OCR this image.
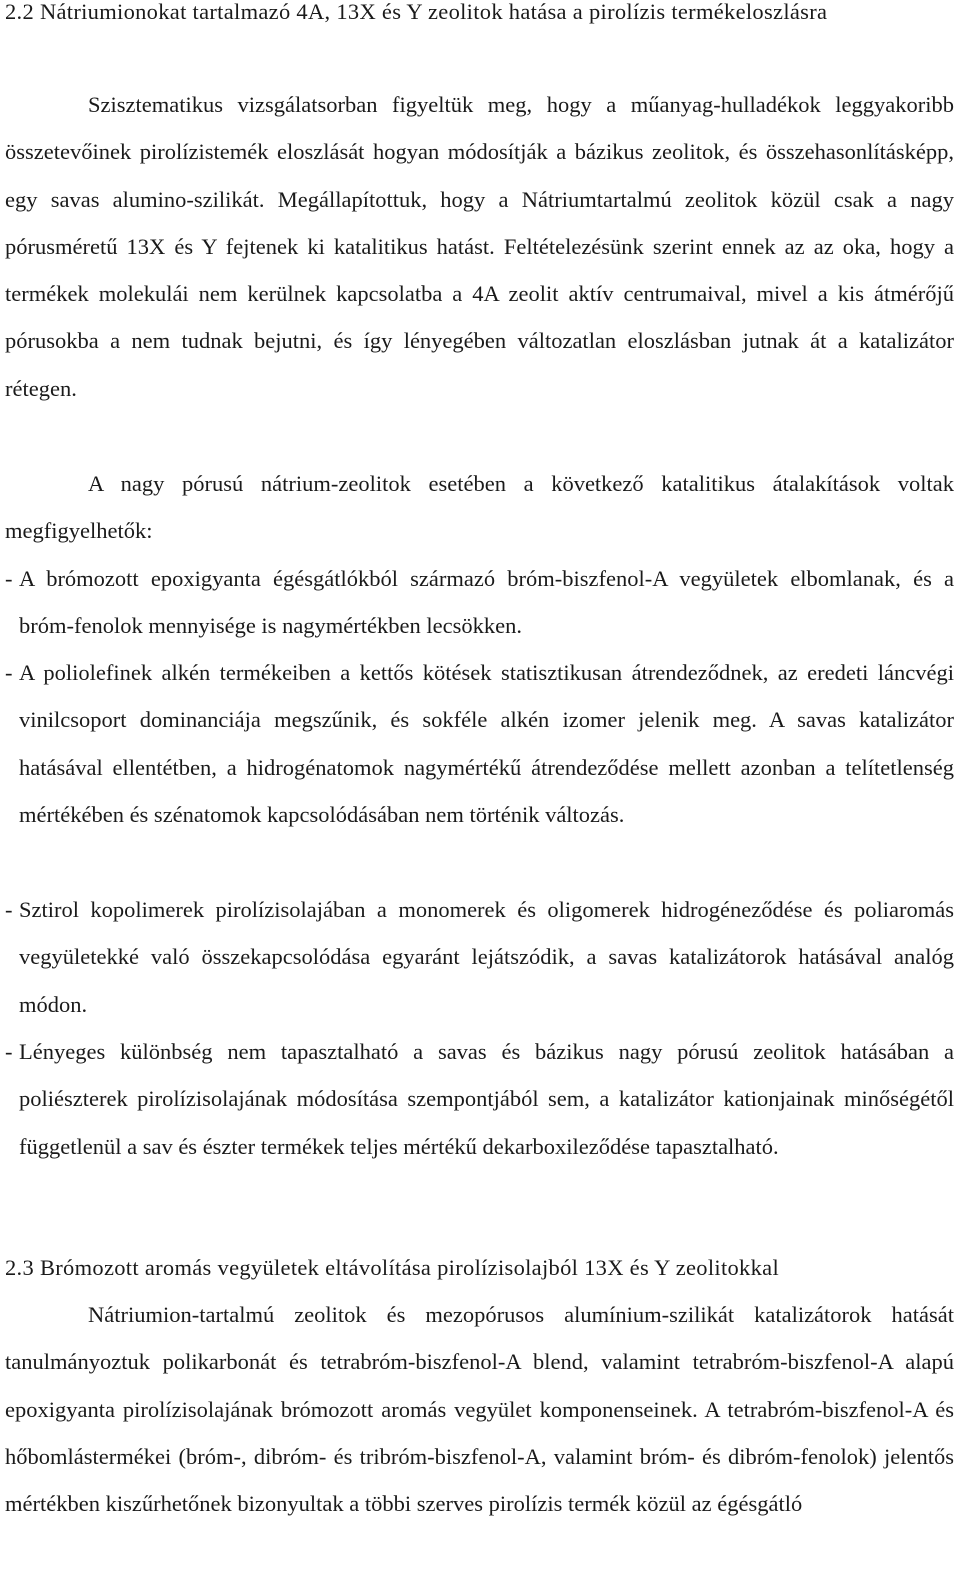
2.2 Nátriumionokat tartalmazó 4A, 13X és Y zeolitok hatása a pirolízis termékeloszlásra
Szisztematikus vizsgálatsorban figyeltük meg, hogy a műanyag-hulladékok leggyakoribb összetevőinek pirolízistemék eloszlását hogyan módosítják a bázikus zeolitok, és összehasonlításképp, egy savas alumino-szilikát. Megállapítottuk, hogy a Nátriumtartalmú zeolitok közül csak a nagy pórusméretű 13X és Y fejtenek ki katalitikus hatást. Feltételezésünk szerint ennek az az oka, hogy a termékek molekulái nem kerülnek kapcsolatba a 4A zeolit aktív centrumaival, mivel a kis átmérőjű pórusokba a nem tudnak bejutni, és így lényegében változatlan eloszlásban jutnak át a katalizátor rétegen.
A nagy pórusú nátrium-zeolitok esetében a következő katalitikus átalakítások voltak megfigyelhetők:
- A brómozott epoxigyanta égésgátlókból származó bróm-biszfenol-A vegyületek elbomlanak, és a bróm-fenolok mennyisége is nagymértékben lecsökken.
- A poliolefinek alkén termékeiben a kettős kötések statisztikusan átrendeződnek, az eredeti láncvégi vinilcsoport dominanciája megszűnik, és sokféle alkén izomer jelenik meg. A savas katalizátor hatásával ellentétben, a hidrogénatomok nagymértékű átrendeződése mellett azonban a telítetlenség mértékében és szénatomok kapcsolódásában nem történik változás.
- Sztirol kopolimerek pirolízisolajában a monomerek és oligomerek hidrogéneződése és poliaromás vegyületekké való összekapcsolódása egyaránt lejátszódik, a savas katalizátorok hatásával analóg módon.
- Lényeges különbség nem tapasztalható a savas és bázikus nagy pórusú zeolitok hatásában a poliészterek pirolízisolajának módosítása szempontjából sem, a katalizátor kationjainak minőségétől függetlenül a sav és észter termékek teljes mértékű dekarboxileződése tapasztalható.
2.3 Brómozott aromás vegyületek eltávolítása pirolízisolajból 13X és Y zeolitokkal
Nátriumion-tartalmú zeolitok és mezopórusos alumínium-szilikát katalizátorok hatását tanulmányoztuk polikarbonát és tetrabróm-biszfenol-A blend, valamint tetrabróm-biszfenol-A alapú epoxigyanta pirolízisolajának brómozott aromás vegyület komponenseinek. A tetrabróm-biszfenol-A és hőbomlástermékei (bróm-, dibróm- és tribróm-biszfenol-A, valamint bróm- és dibróm-fenolok) jelentős mértékben kiszűrhetőnek bizonyultak a többi szerves pirolízis termék közül az égésgátló
